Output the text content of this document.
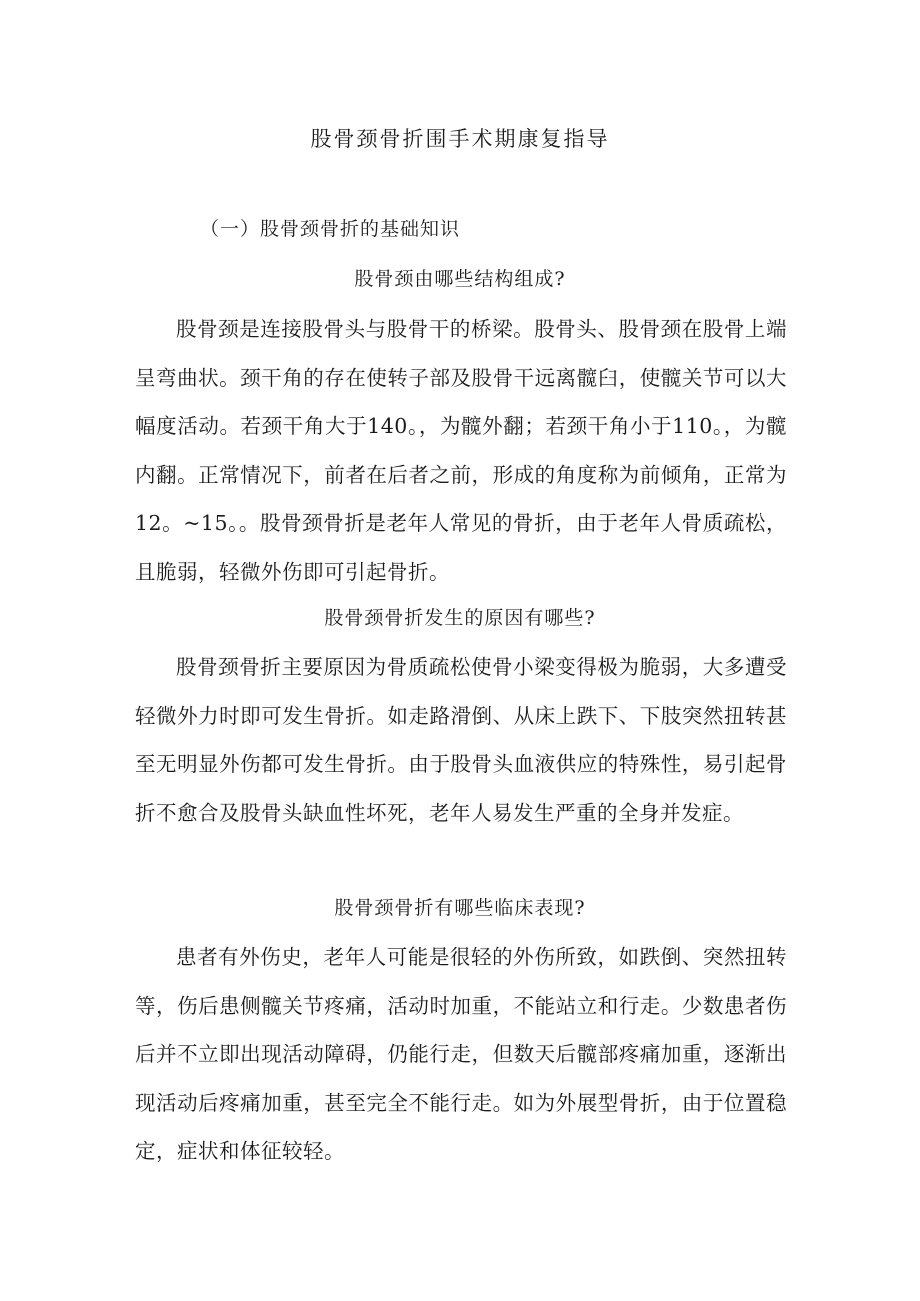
股骨颈骨折围手术期康复指导
（一）股骨颈骨折的基础知识
股骨颈由哪些结构组成?

股骨颈是连接股骨头与股骨干的桥梁。股骨头、股骨颈在股骨上端呈弯曲状。颈干角的存在使转子部及股骨干远离髋臼，使髋关节可以大幅度活动。若颈干角大于140。，为髋外翻；若颈干角小于110。，为髋内翻。正常情况下，前者在后者之前，形成的角度称为前倾角，正常为12。~15。。股骨颈骨折是老年人常见的骨折，由于老年人骨质疏松，且脆弱，轻微外伤即可引起骨折。

股骨颈骨折发生的原因有哪些?

股骨颈骨折主要原因为骨质疏松使骨小梁变得极为脆弱，大多遭受轻微外力时即可发生骨折。如走路滑倒、从床上跌下、下肢突然扭转甚至无明显外伤都可发生骨折。由于股骨头血液供应的特殊性，易引起骨折不愈合及股骨头缺血性坏死，老年人易发生严重的全身并发症。

股骨颈骨折有哪些临床表现?

患者有外伤史，老年人可能是很轻的外伤所致，如跌倒、突然扭转等，伤后患侧髋关节疼痛，活动时加重，不能站立和行走。少数患者伤后并不立即出现活动障碍，仍能行走，但数天后髋部疼痛加重，逐渐出现活动后疼痛加重，甚至完全不能行走。如为外展型骨折，由于位置稳定，症状和体征较轻。
